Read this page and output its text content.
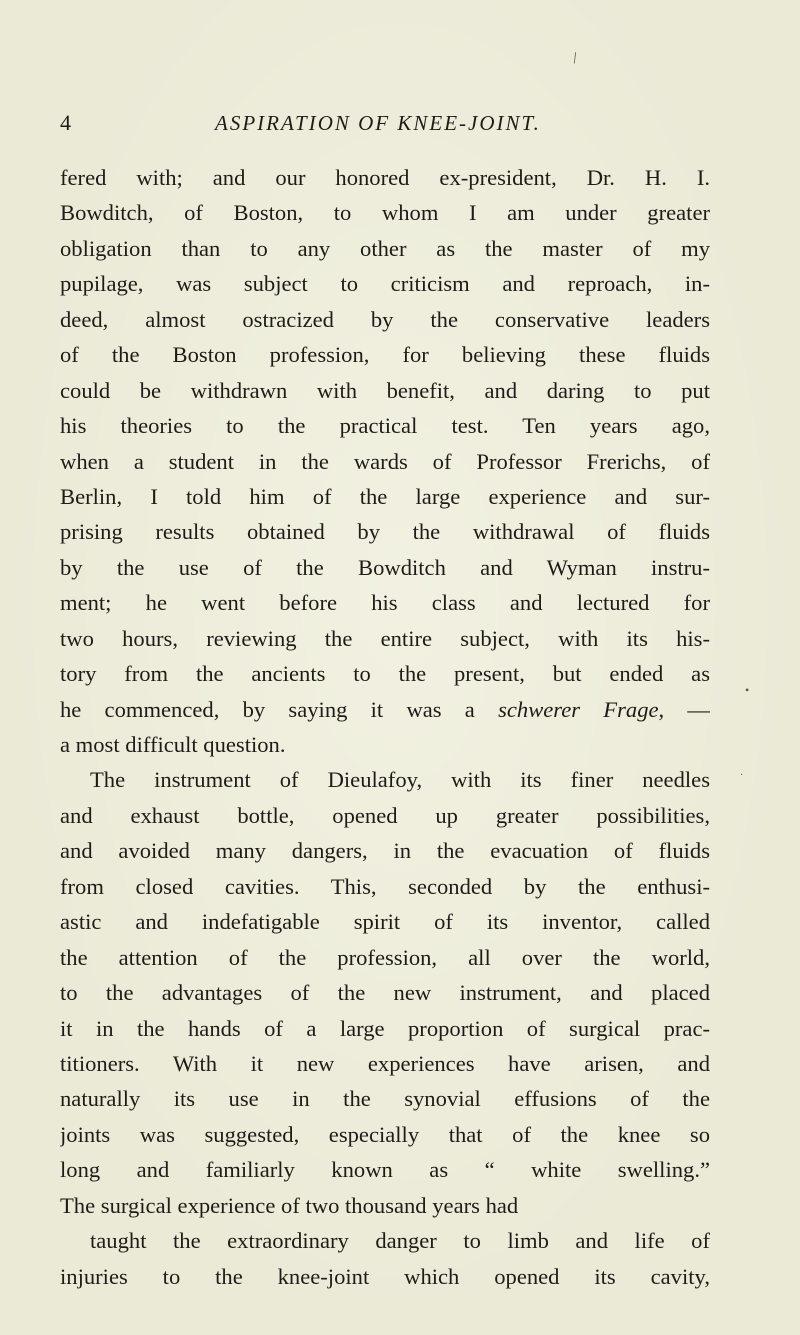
/
•
·
4	ASPIRATION OF KNEE-JOINT.
fered with; and our honored ex-president, Dr. H. I.
Bowditch, of Boston, to whom I am under greater
obligation than to any other as the master of my
pupilage, was subject to criticism and reproach, in-
deed, almost ostracized by the conservative leaders
of the Boston profession, for believing these fluids
could be withdrawn with benefit, and daring to put
his theories to the practical test. Ten years ago,
when a student in the wards of Professor Frerichs, of
Berlin, I told him of the large experience and sur-
prising results obtained by the withdrawal of fluids
by the use of the Bowditch and Wyman instru-
ment; he went before his class and lectured for
two hours, reviewing the entire subject, with its his-
tory from the ancients to the present, but ended as
he commenced, by saying it was a schwerer Frage, —
a most difficult question.
The instrument of Dieulafoy, with its finer needles
and exhaust bottle, opened up greater possibilities,
and avoided many dangers, in the evacuation of fluids
from closed cavities. This, seconded by the enthusi-
astic and indefatigable spirit of its inventor, called
the attention of the profession, all over the world,
to the advantages of the new instrument, and placed
it in the hands of a large proportion of surgical prac-
titioners. With it new experiences have arisen, and
naturally its use in the synovial effusions of the
joints was suggested, especially that of the knee so
long and familiarly known as “ white swelling.”
The surgical experience of two thousand years had
taught the extraordinary danger to limb and life of
injuries to the knee-joint which opened its cavity,
